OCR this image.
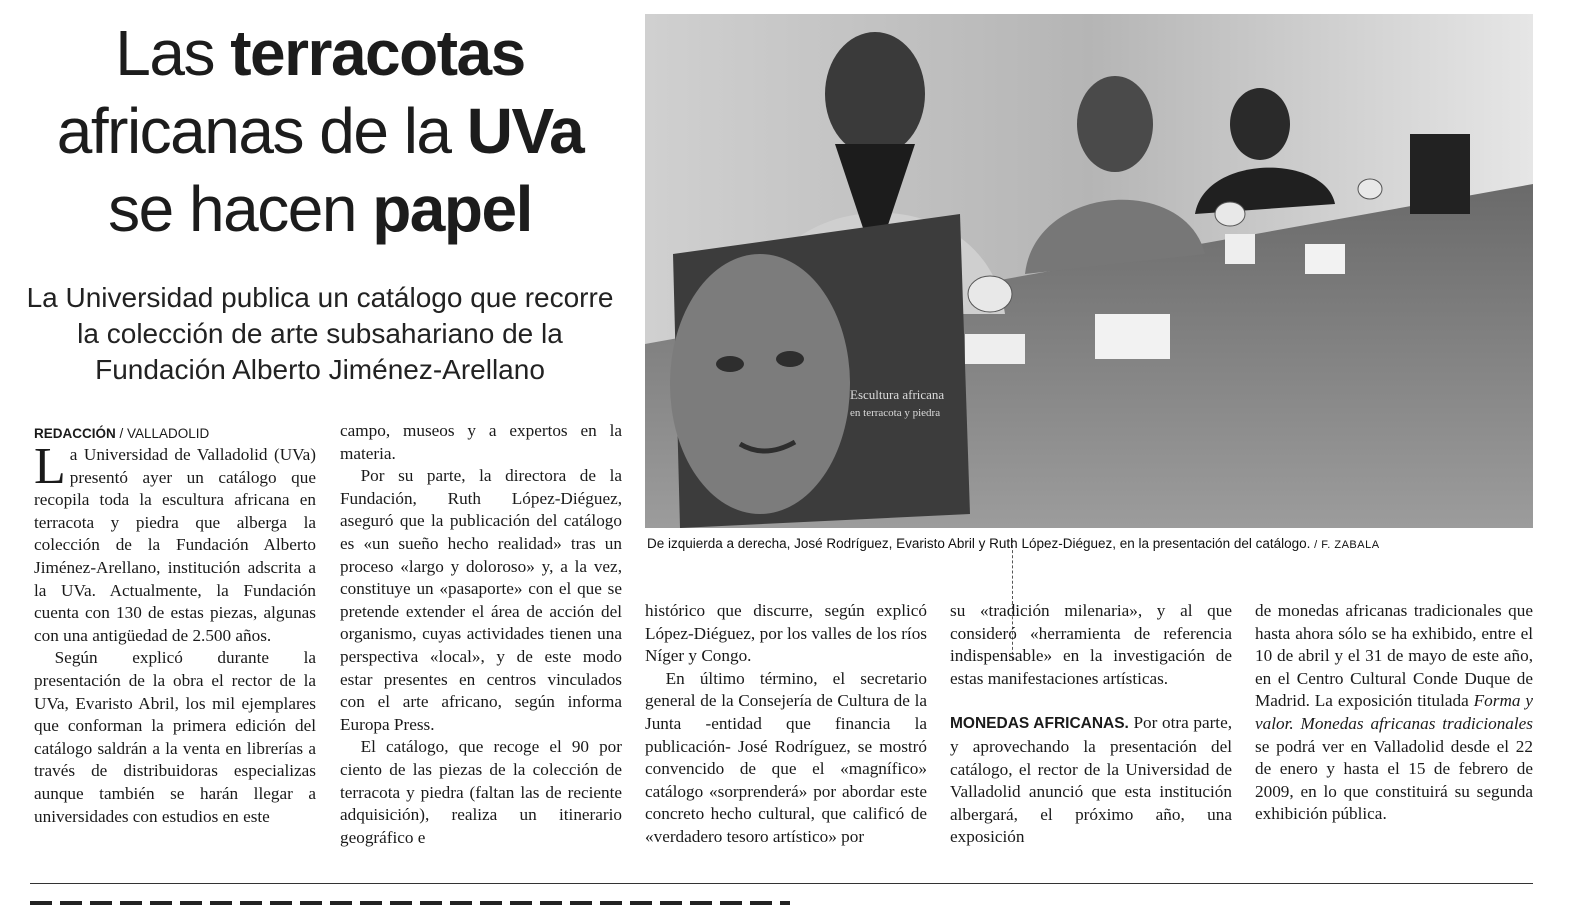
Las terracotas
africanas de la UVa
se hacen papel
La Universidad publica un catálogo que recorre la colección de arte subsahariano de la Fundación Alberto Jiménez-Arellano
Escultura africana
en terracota y piedra
De izquierda a derecha, José Rodríguez, Evaristo Abril y Ruth López-Diéguez, en la presentación del catálogo. / F. ZABALA
REDACCIÓN / VALLADOLID

La Universidad de Valladolid (UVa) presentó ayer un catálogo que recopila toda la escultura africana en terracota y piedra que alberga la colección de la Fundación Alberto Jiménez-Arellano, institución adscrita a la UVa. Actualmente, la Fundación cuenta con 130 de estas piezas, algunas con una antigüedad de 2.500 años.

Según explicó durante la presentación de la obra el rector de la UVa, Evaristo Abril, los mil ejemplares que conforman la primera edición del catálogo saldrán a la venta en librerías a través de distribuidoras especializas aunque también se harán llegar a universidades con estudios en este

campo, museos y a expertos en la materia.

Por su parte, la directora de la Fundación, Ruth López-Diéguez, aseguró que la publicación del catálogo es «un sueño hecho realidad» tras un proceso «largo y doloroso» y, a la vez, constituye un «pasaporte» con el que se pretende extender el área de acción del organismo, cuyas actividades tienen una perspectiva «local», y de este modo estar presentes en centros vinculados con el arte africano, según informa Europa Press.

El catálogo, que recoge el 90 por ciento de las piezas de la colección de terracota y piedra (faltan las de reciente adquisición), realiza un itinerario geográfico e

histórico que discurre, según explicó López-Diéguez, por los valles de los ríos Níger y Congo.

En último término, el secretario general de la Consejería de Cultura de la Junta -entidad que financia la publicación- José Rodríguez, se mostró convencido de que el «magnífico» catálogo «sorprenderá» por abordar este concreto hecho cultural, que calificó de «verdadero tesoro artístico» por

su «tradición milenaria», y al que consideró «herramienta de referencia indispensable» en la investigación de estas manifestaciones artísticas.

MONEDAS AFRICANAS. Por otra parte, y aprovechando la presentación del catálogo, el rector de la Universidad de Valladolid anunció que esta institución albergará, el próximo año, una exposición

de monedas africanas tradicionales que hasta ahora sólo se ha exhibido, entre el 10 de abril y el 31 de mayo de este año, en el Centro Cultural Conde Duque de Madrid. La exposición titulada Forma y valor. Monedas africanas tradicionales se podrá ver en Valladolid desde el 22 de enero y hasta el 15 de febrero de 2009, en lo que constituirá su segunda exhibición pública.
